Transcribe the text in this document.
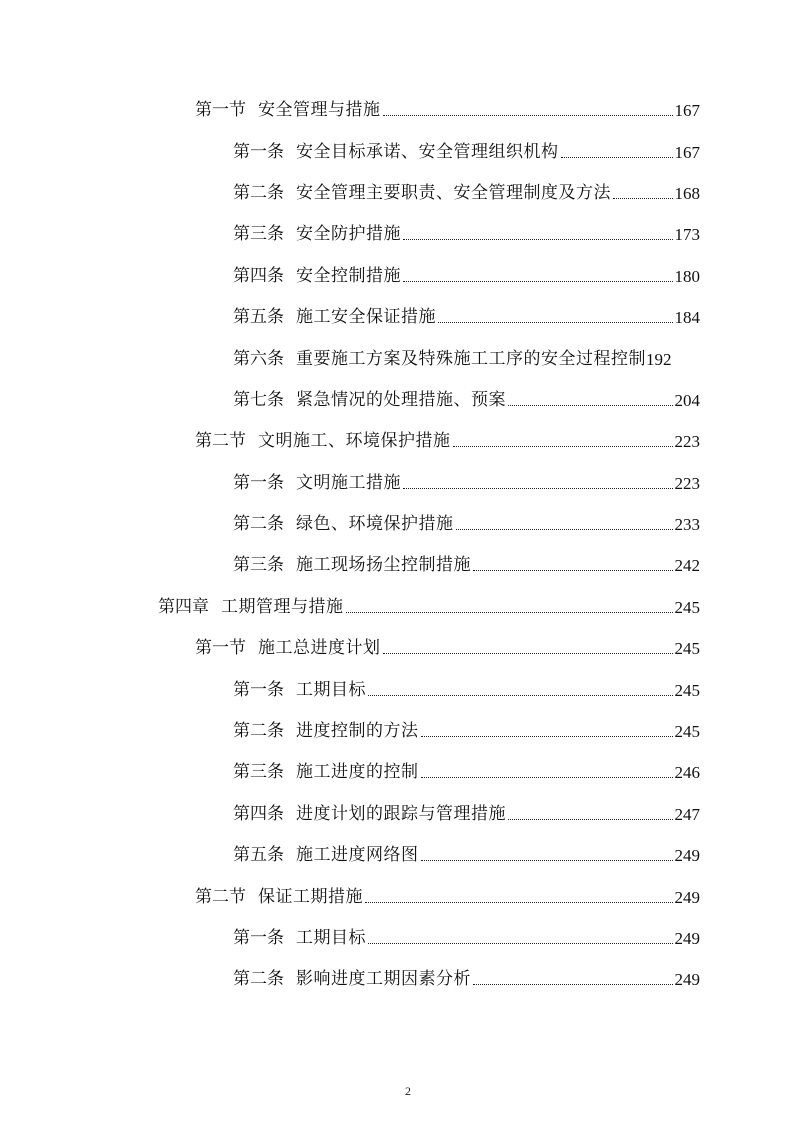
第一节 安全管理与措施	167
第一条 安全目标承诺、安全管理组织机构	167
第二条 安全管理主要职责、安全管理制度及方法	168
第三条 安全防护措施	173
第四条 安全控制措施	180
第五条 施工安全保证措施	184
第六条 重要施工方案及特殊施工工序的安全过程控制 192
第七条 紧急情况的处理措施、预案	204
第二节 文明施工、环境保护措施	223
第一条 文明施工措施	223
第二条 绿色、环境保护措施	233
第三条 施工现场扬尘控制措施	242
第四章 工期管理与措施	245
第一节 施工总进度计划	245
第一条 工期目标	245
第二条 进度控制的方法	245
第三条 施工进度的控制	246
第四条 进度计划的跟踪与管理措施	247
第五条 施工进度网络图	249
第二节 保证工期措施	249
第一条 工期目标	249
第二条 影响进度工期因素分析	249
2
